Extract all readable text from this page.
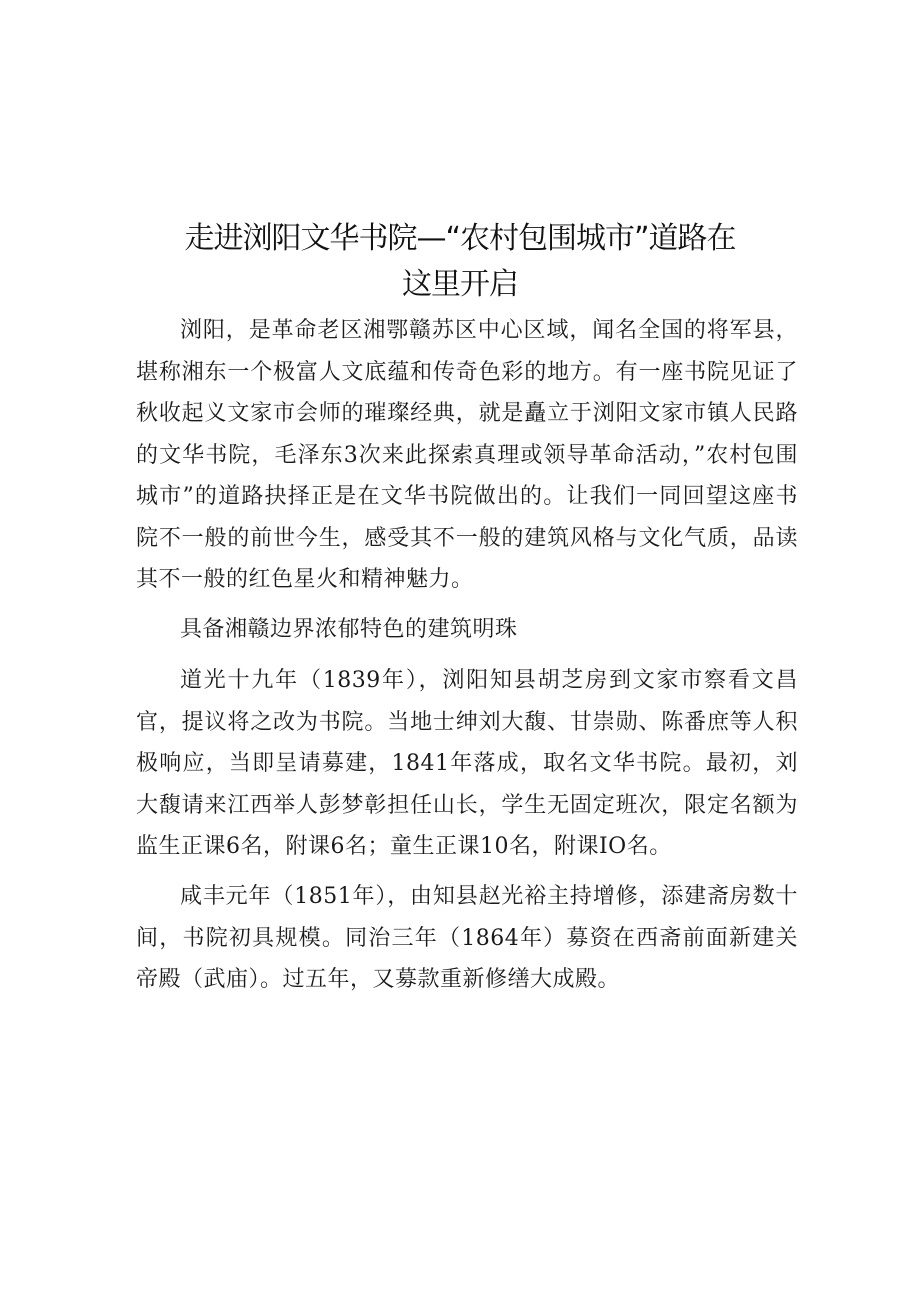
走进浏阳文华书院—“农村包围城市”道路在
这里开启

浏阳，是革命老区湘鄂赣苏区中心区域，闻名全国的将军县，堪称湘东一个极富人文底蕴和传奇色彩的地方。有一座书院见证了秋收起义文家市会师的璀璨经典，就是矗立于浏阳文家市镇人民路的文华书院，毛泽东3次来此探索真理或领导革命活动，”农村包围城市”的道路抉择正是在文华书院做出的。让我们一同回望这座书院不一般的前世今生，感受其不一般的建筑风格与文化气质，品读其不一般的红色星火和精神魅力。

具备湘赣边界浓郁特色的建筑明珠

道光十九年（1839年），浏阳知县胡芝房到文家市察看文昌官，提议将之改为书院。当地士绅刘大馥、甘崇勋、陈番庶等人积极响应，当即呈请募建，1841年落成，取名文华书院。最初，刘大馥请来江西举人彭梦彰担任山长，学生无固定班次，限定名额为监生正课6名，附课6名；童生正课10名，附课IO名。

咸丰元年（1851年），由知县赵光裕主持增修，添建斋房数十间，书院初具规模。同治三年（1864年）募资在西斋前面新建关帝殿（武庙）。过五年，又募款重新修缮大成殿。
